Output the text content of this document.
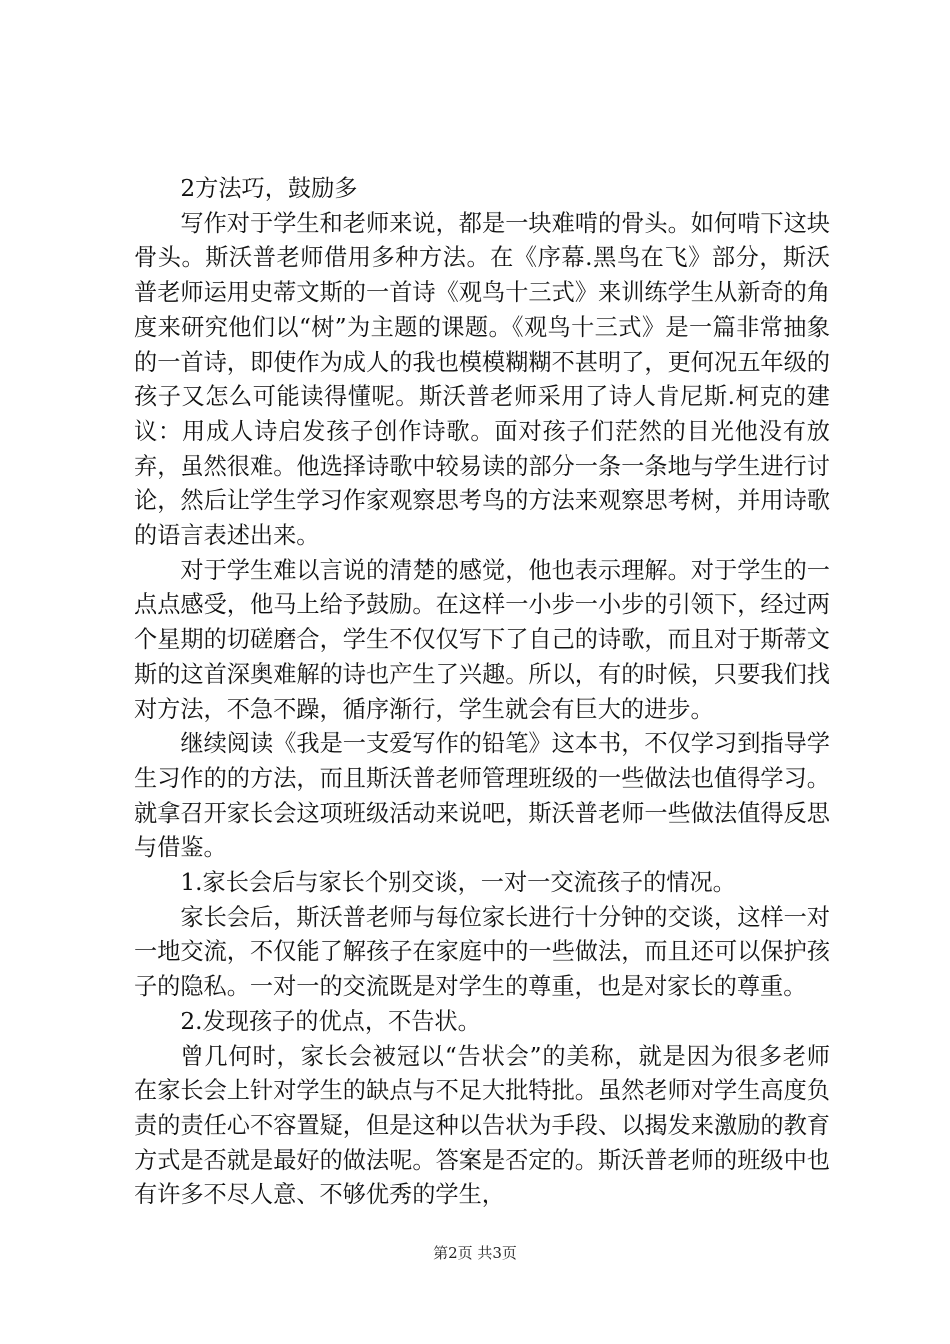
2方法巧，鼓励多

写作对于学生和老师来说，都是一块难啃的骨头。如何啃下这块骨头。斯沃普老师借用多种方法。在《序幕.黑鸟在飞》部分，斯沃普老师运用史蒂文斯的一首诗《观鸟十三式》来训练学生从新奇的角度来研究他们以“树”为主题的课题。《观鸟十三式》是一篇非常抽象的一首诗，即使作为成人的我也模模糊糊不甚明了，更何况五年级的孩子又怎么可能读得懂呢。斯沃普老师采用了诗人肯尼斯.柯克的建议：用成人诗启发孩子创作诗歌。面对孩子们茫然的目光他没有放弃，虽然很难。他选择诗歌中较易读的部分一条一条地与学生进行讨论，然后让学生学习作家观察思考鸟的方法来观察思考树，并用诗歌的语言表述出来。

对于学生难以言说的清楚的感觉，他也表示理解。对于学生的一点点感受，他马上给予鼓励。在这样一小步一小步的引领下，经过两个星期的切磋磨合，学生不仅仅写下了自己的诗歌，而且对于斯蒂文斯的这首深奥难解的诗也产生了兴趣。所以，有的时候，只要我们找对方法，不急不躁，循序渐行，学生就会有巨大的进步。

继续阅读《我是一支爱写作的铅笔》这本书，不仅学习到指导学生习作的的方法，而且斯沃普老师管理班级的一些做法也值得学习。就拿召开家长会这项班级活动来说吧，斯沃普老师一些做法值得反思与借鉴。

1.家长会后与家长个别交谈，一对一交流孩子的情况。

家长会后，斯沃普老师与每位家长进行十分钟的交谈，这样一对一地交流，不仅能了解孩子在家庭中的一些做法，而且还可以保护孩子的隐私。一对一的交流既是对学生的尊重，也是对家长的尊重。

2.发现孩子的优点，不告状。

曾几何时，家长会被冠以“告状会”的美称，就是因为很多老师在家长会上针对学生的缺点与不足大批特批。虽然老师对学生高度负责的责任心不容置疑，但是这种以告状为手段、以揭发来激励的教育方式是否就是最好的做法呢。答案是否定的。斯沃普老师的班级中也有许多不尽人意、不够优秀的学生，

第2页 共3页
